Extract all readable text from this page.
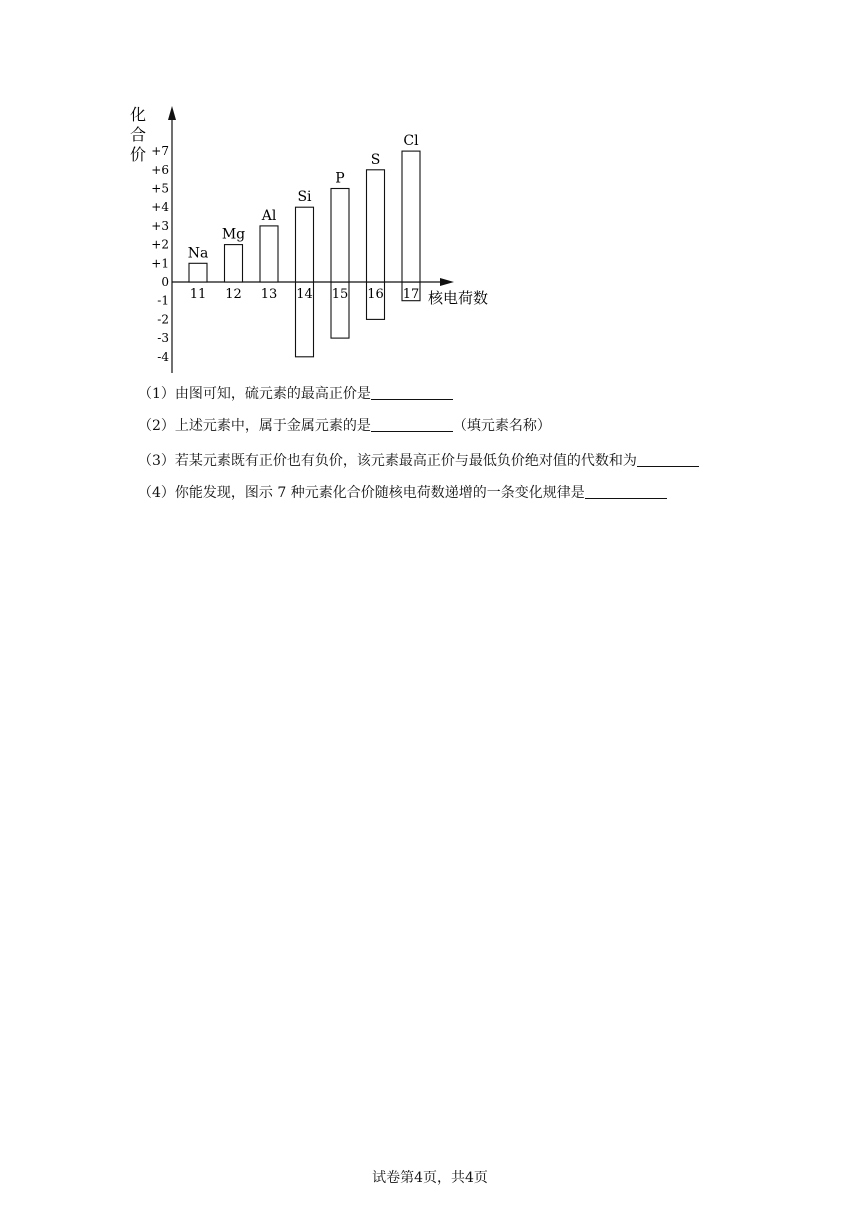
化
合
价 +7
+6
+5
+4
+3
+2
+1
0
-1
-2
-3
-4
核电荷数
11
Na
12
Mg
13
Al
14
Si
15
P
16
S
17
Cl
（1）由图可知，硫元素的最高正价是
（2）上述元素中，属于金属元素的是	（填元素名称）
（3）若某元素既有正价也有负价，该元素最高正价与最低负价绝对值的代数和为
（4）你能发现，图示 7 种元素化合价随核电荷数递增的一条变化规律是
试卷第4页，共4页
